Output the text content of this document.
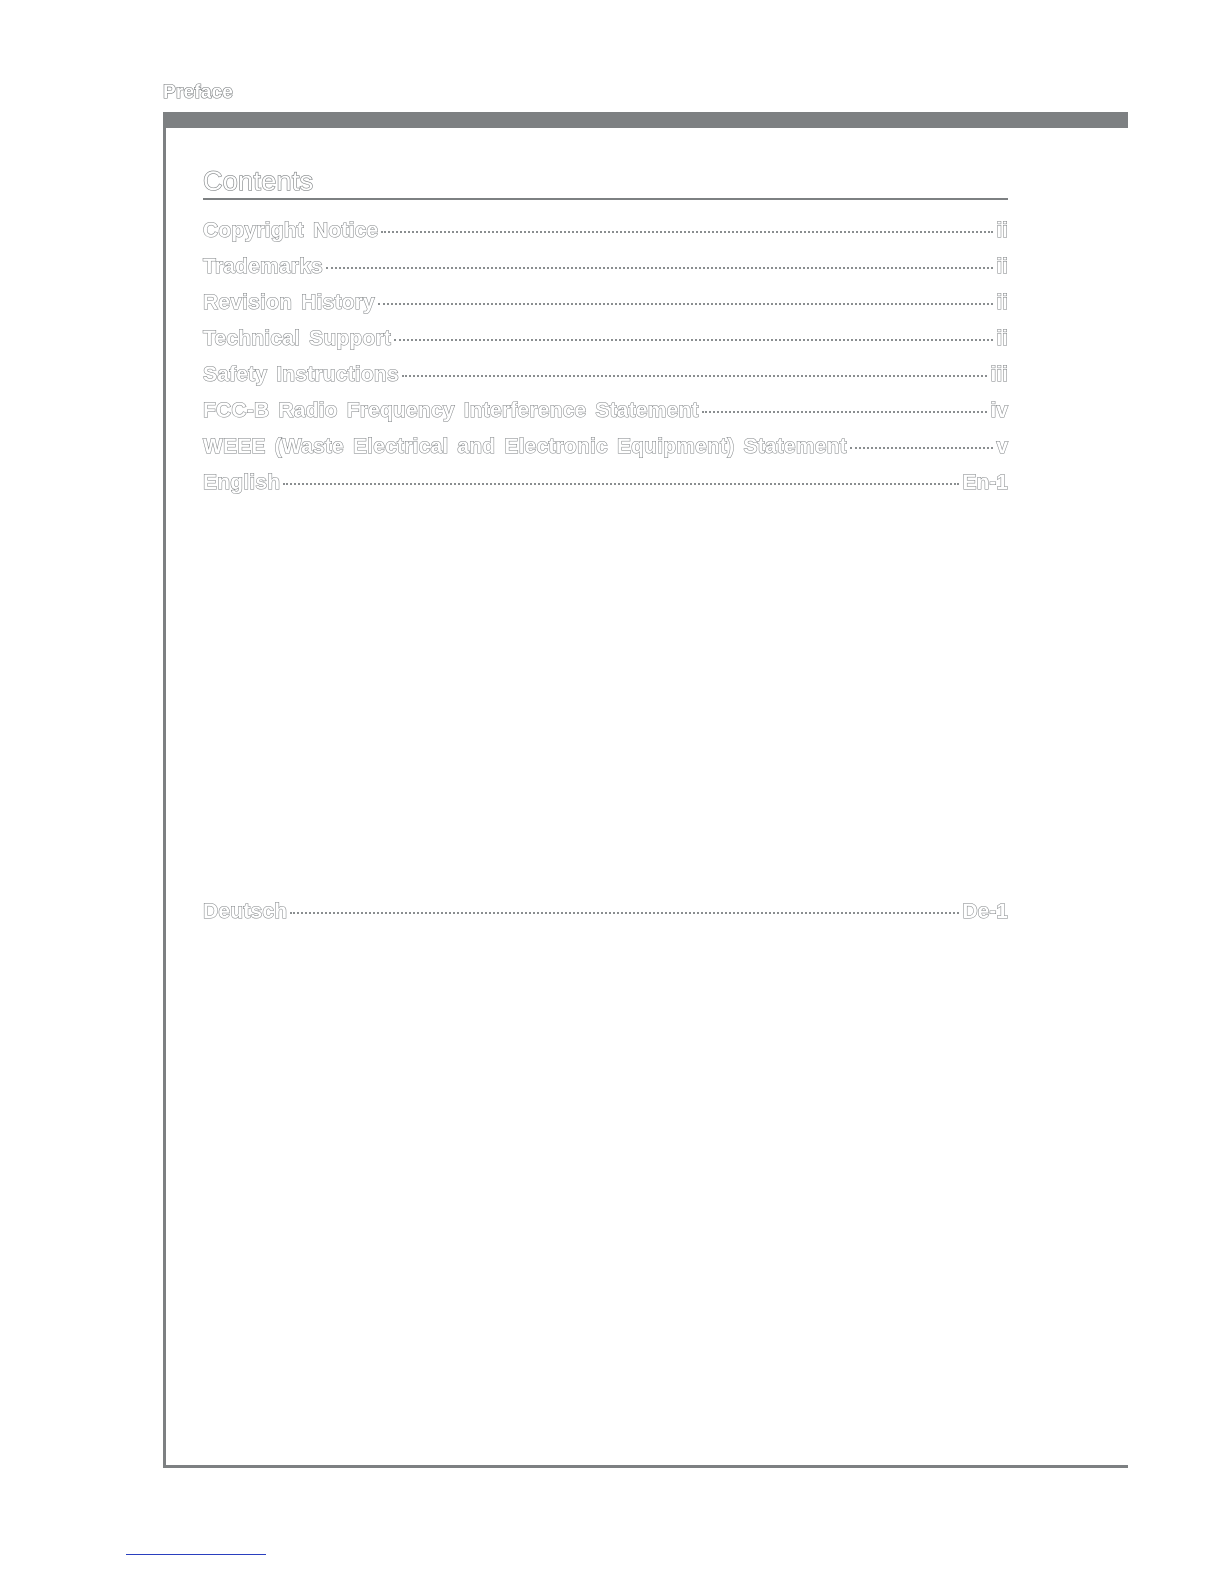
Preface
Contents
Copyright Notice	ii
Trademarks	ii
Revision History	ii
Technical Support	ii
Safety Instructions	iii
FCC-B Radio Frequency Interference Statement	iv
WEEE (Waste Electrical and Electronic Equipment) Statement	v
English	En-1
Deutsch	De-1
